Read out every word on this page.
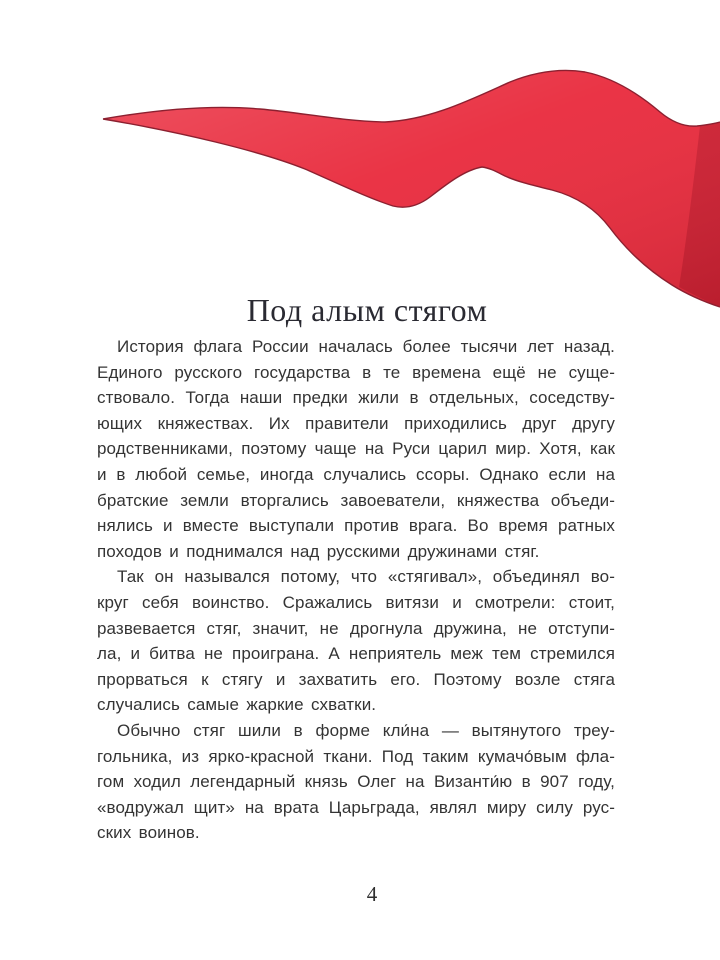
Под алым стягом
История флага России началась более тысячи лет назад.
Единого русского государства в те времена ещё не суще-
ствовало. Тогда наши предки жили в отдельных, соседству-
ющих княжествах. Их правители приходились друг другу
родственниками, поэтому чаще на Руси царил мир. Хотя, как
и в любой семье, иногда случались ссоры. Однако если на
братские земли вторгались завоеватели, княжества объеди-
нялись и вместе выступали против врага. Во время ратных
походов и поднимался над русскими дружинами стяг.
Так он назывался потому, что «стягивал», объединял во-
круг себя воинство. Сражались витязи и смотрели: стоит,
развевается стяг, значит, не дрогнула дружина, не отступи-
ла, и битва не проиграна. А неприятель меж тем стремился
прорваться к стягу и захватить его. Поэтому возле стяга
случались самые жаркие схватки.
Обычно стяг шили в форме кли́на — вытянутого треу-
гольника, из ярко-красной ткани. Под таким кумачо́вым фла-
гом ходил легендарный князь Олег на Византи́ю в 907 году,
«водружал щит» на врата Царьграда, являл миру силу рус-
ских воинов.
4
